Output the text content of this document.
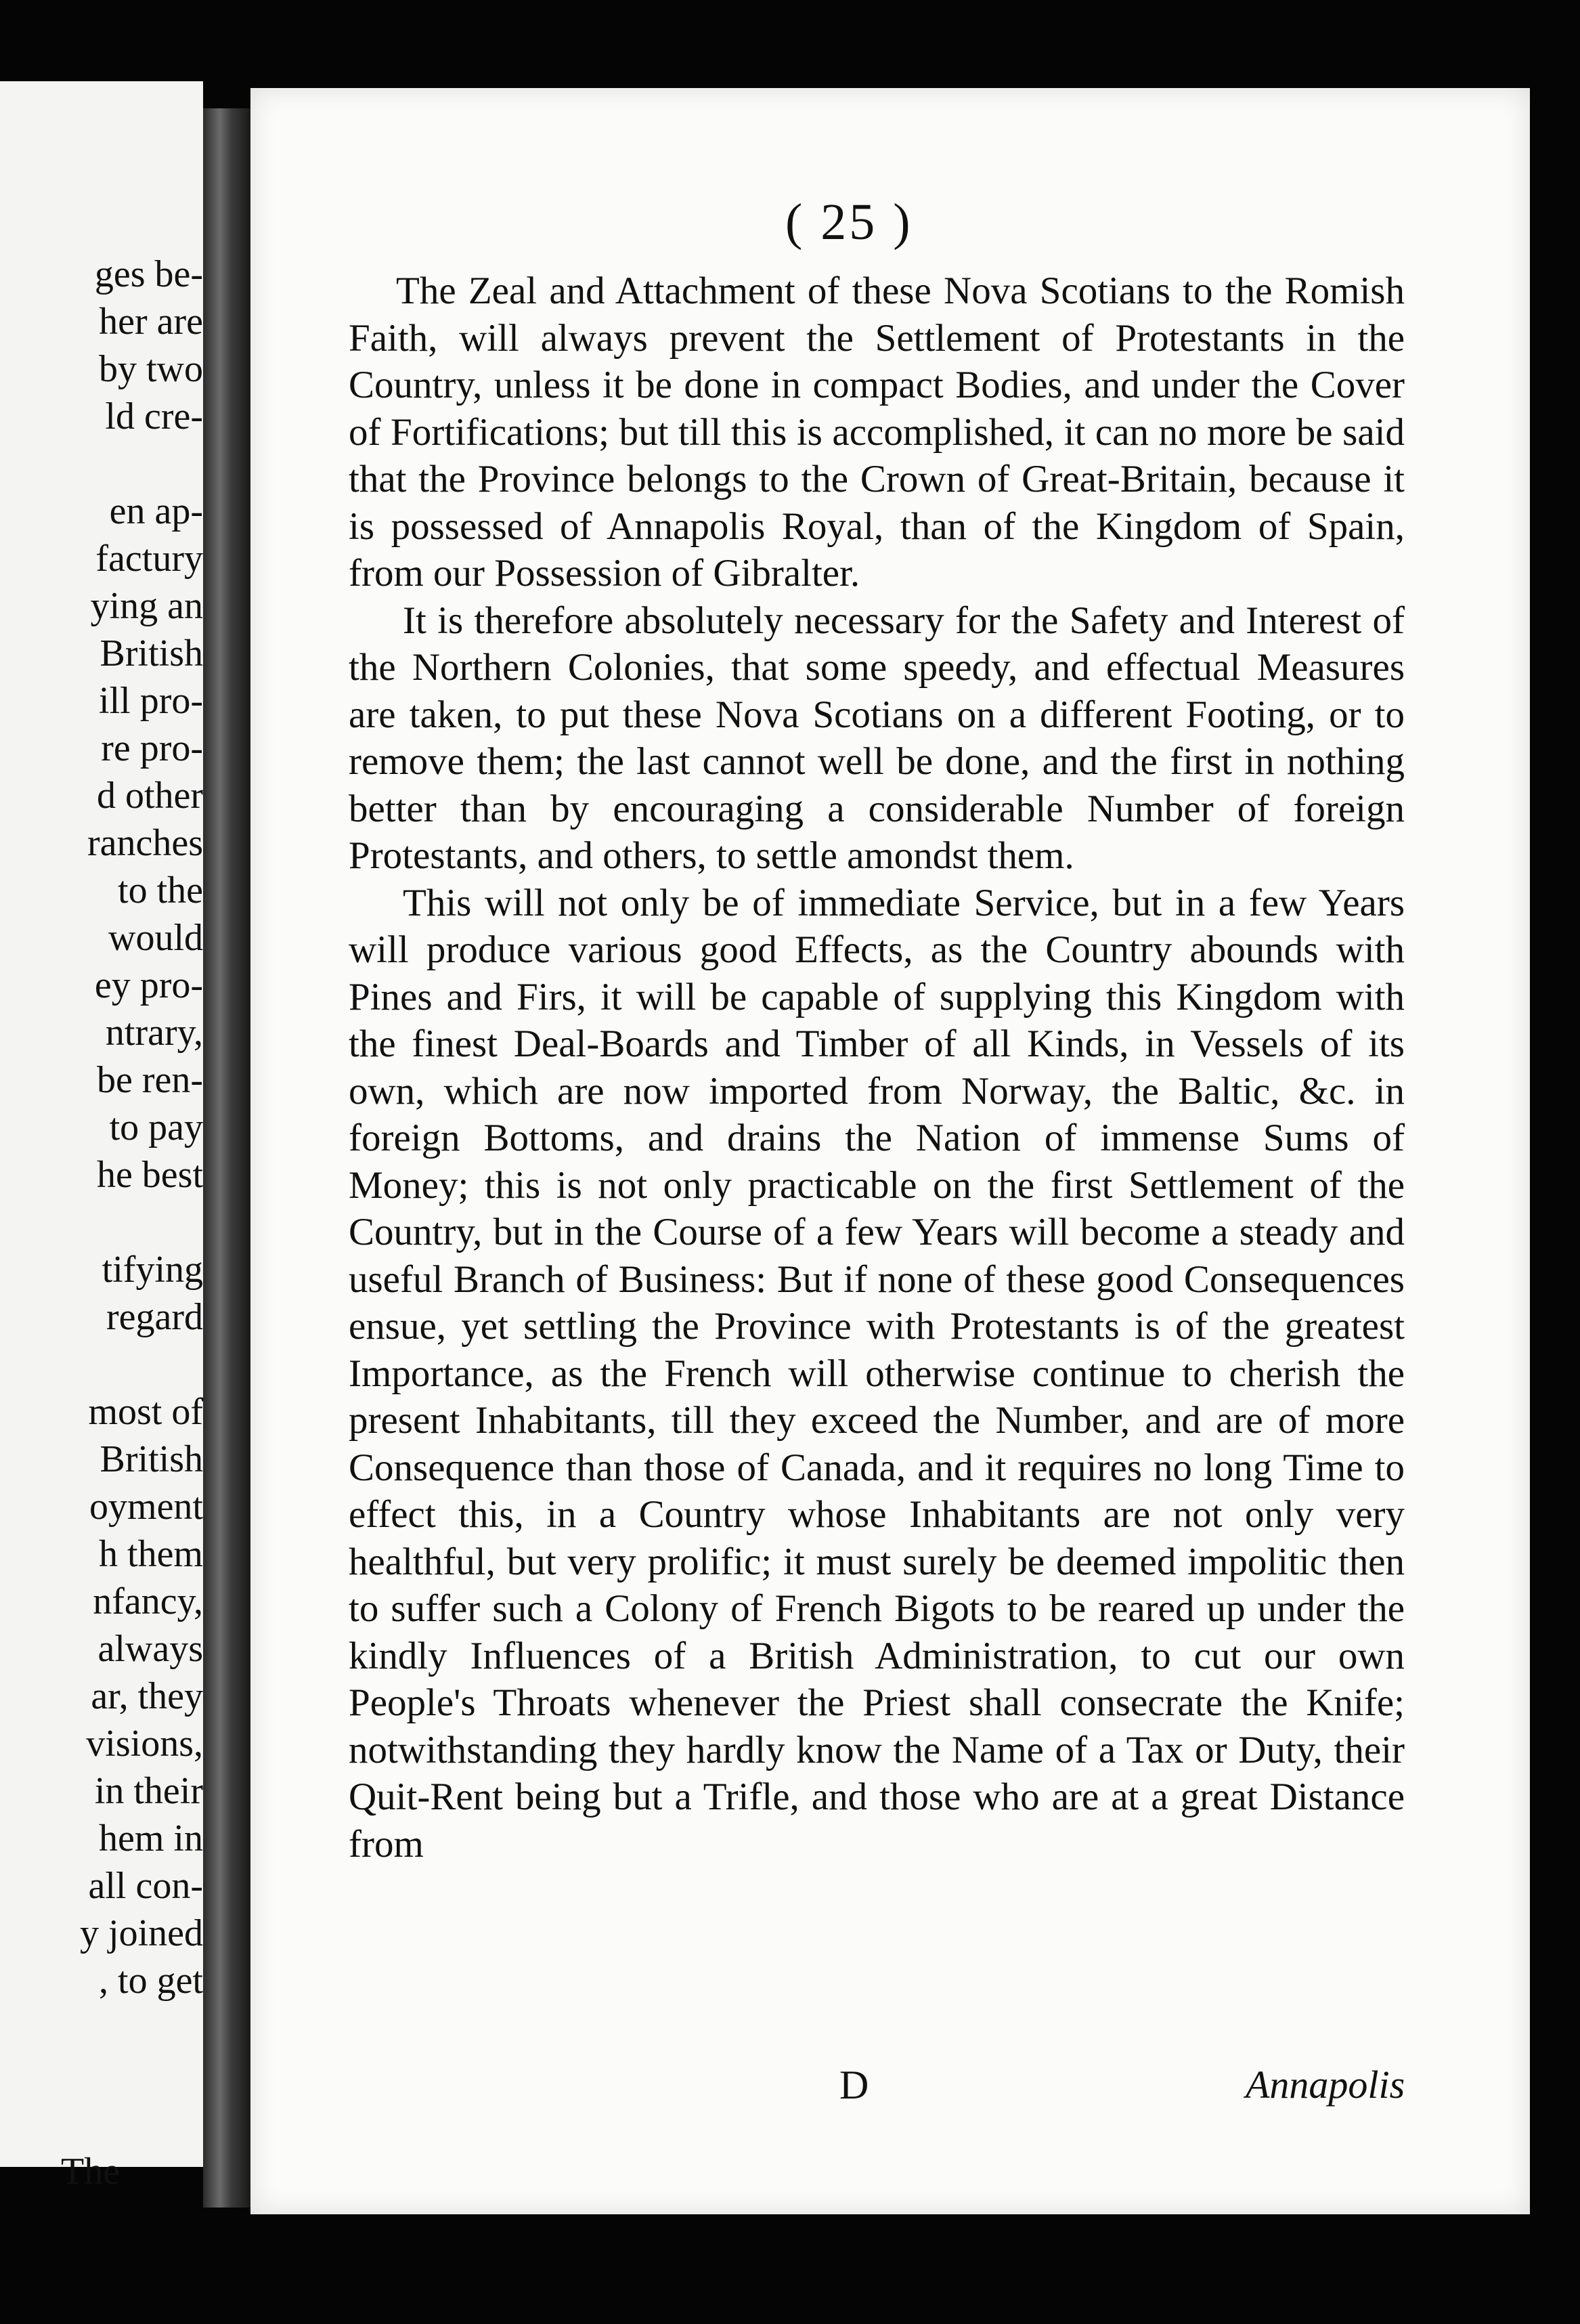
ges be-
her are
by two
ld cre-
en ap-
factury
ying an
British
ill pro-
re pro-
d other
ranches
to the
would
ey pro-
ntrary,
be ren-
to pay
he best
tifying
regard
most of
British
oyment
h them
nfancy,
always
ar, they
visions,
in their
hem in
all con-
y joined
, to get
The
( 25 )

The Zeal and Attachment of these Nova Scotians to the Romish Faith, will always prevent the Settlement of Protestants in the Country, unless it be done in compact Bodies, and under the Cover of Fortifications; but till this is accomplished, it can no more be said that the Province belongs to the Crown of Great-Britain, because it is possessed of Annapolis Royal, than of the Kingdom of Spain, from our Possession of Gibralter.

It is therefore absolutely necessary for the Safety and Interest of the Northern Colonies, that some speedy, and effectual Measures are taken, to put these Nova Scotians on a different Footing, or to remove them; the last cannot well be done, and the first in nothing better than by encouraging a considerable Number of foreign Protestants, and others, to settle amondst them.

This will not only be of immediate Service, but in a few Years will produce various good Effects, as the Country abounds with Pines and Firs, it will be capable of supplying this Kingdom with the finest Deal-Boards and Timber of all Kinds, in Vessels of its own, which are now imported from Norway, the Baltic, &c. in foreign Bottoms, and drains the Nation of immense Sums of Money; this is not only practicable on the first Settlement of the Country, but in the Course of a few Years will become a steady and useful Branch of Business: But if none of these good Consequences ensue, yet settling the Province with Protestants is of the greatest Importance, as the French will otherwise continue to cherish the present Inhabitants, till they exceed the Number, and are of more Consequence than those of Canada, and it requires no long Time to effect this, in a Country whose Inhabitants are not only very healthful, but very prolific; it must surely be deemed impolitic then to suffer such a Colony of French Bigots to be reared up under the kindly Influences of a British Administration, to cut our own People's Throats whenever the Priest shall consecrate the Knife; notwithstanding they hardly know the Name of a Tax or Duty, their Quit-Rent being but a Trifle, and those who are at a great Distance from

D	Annapolis
